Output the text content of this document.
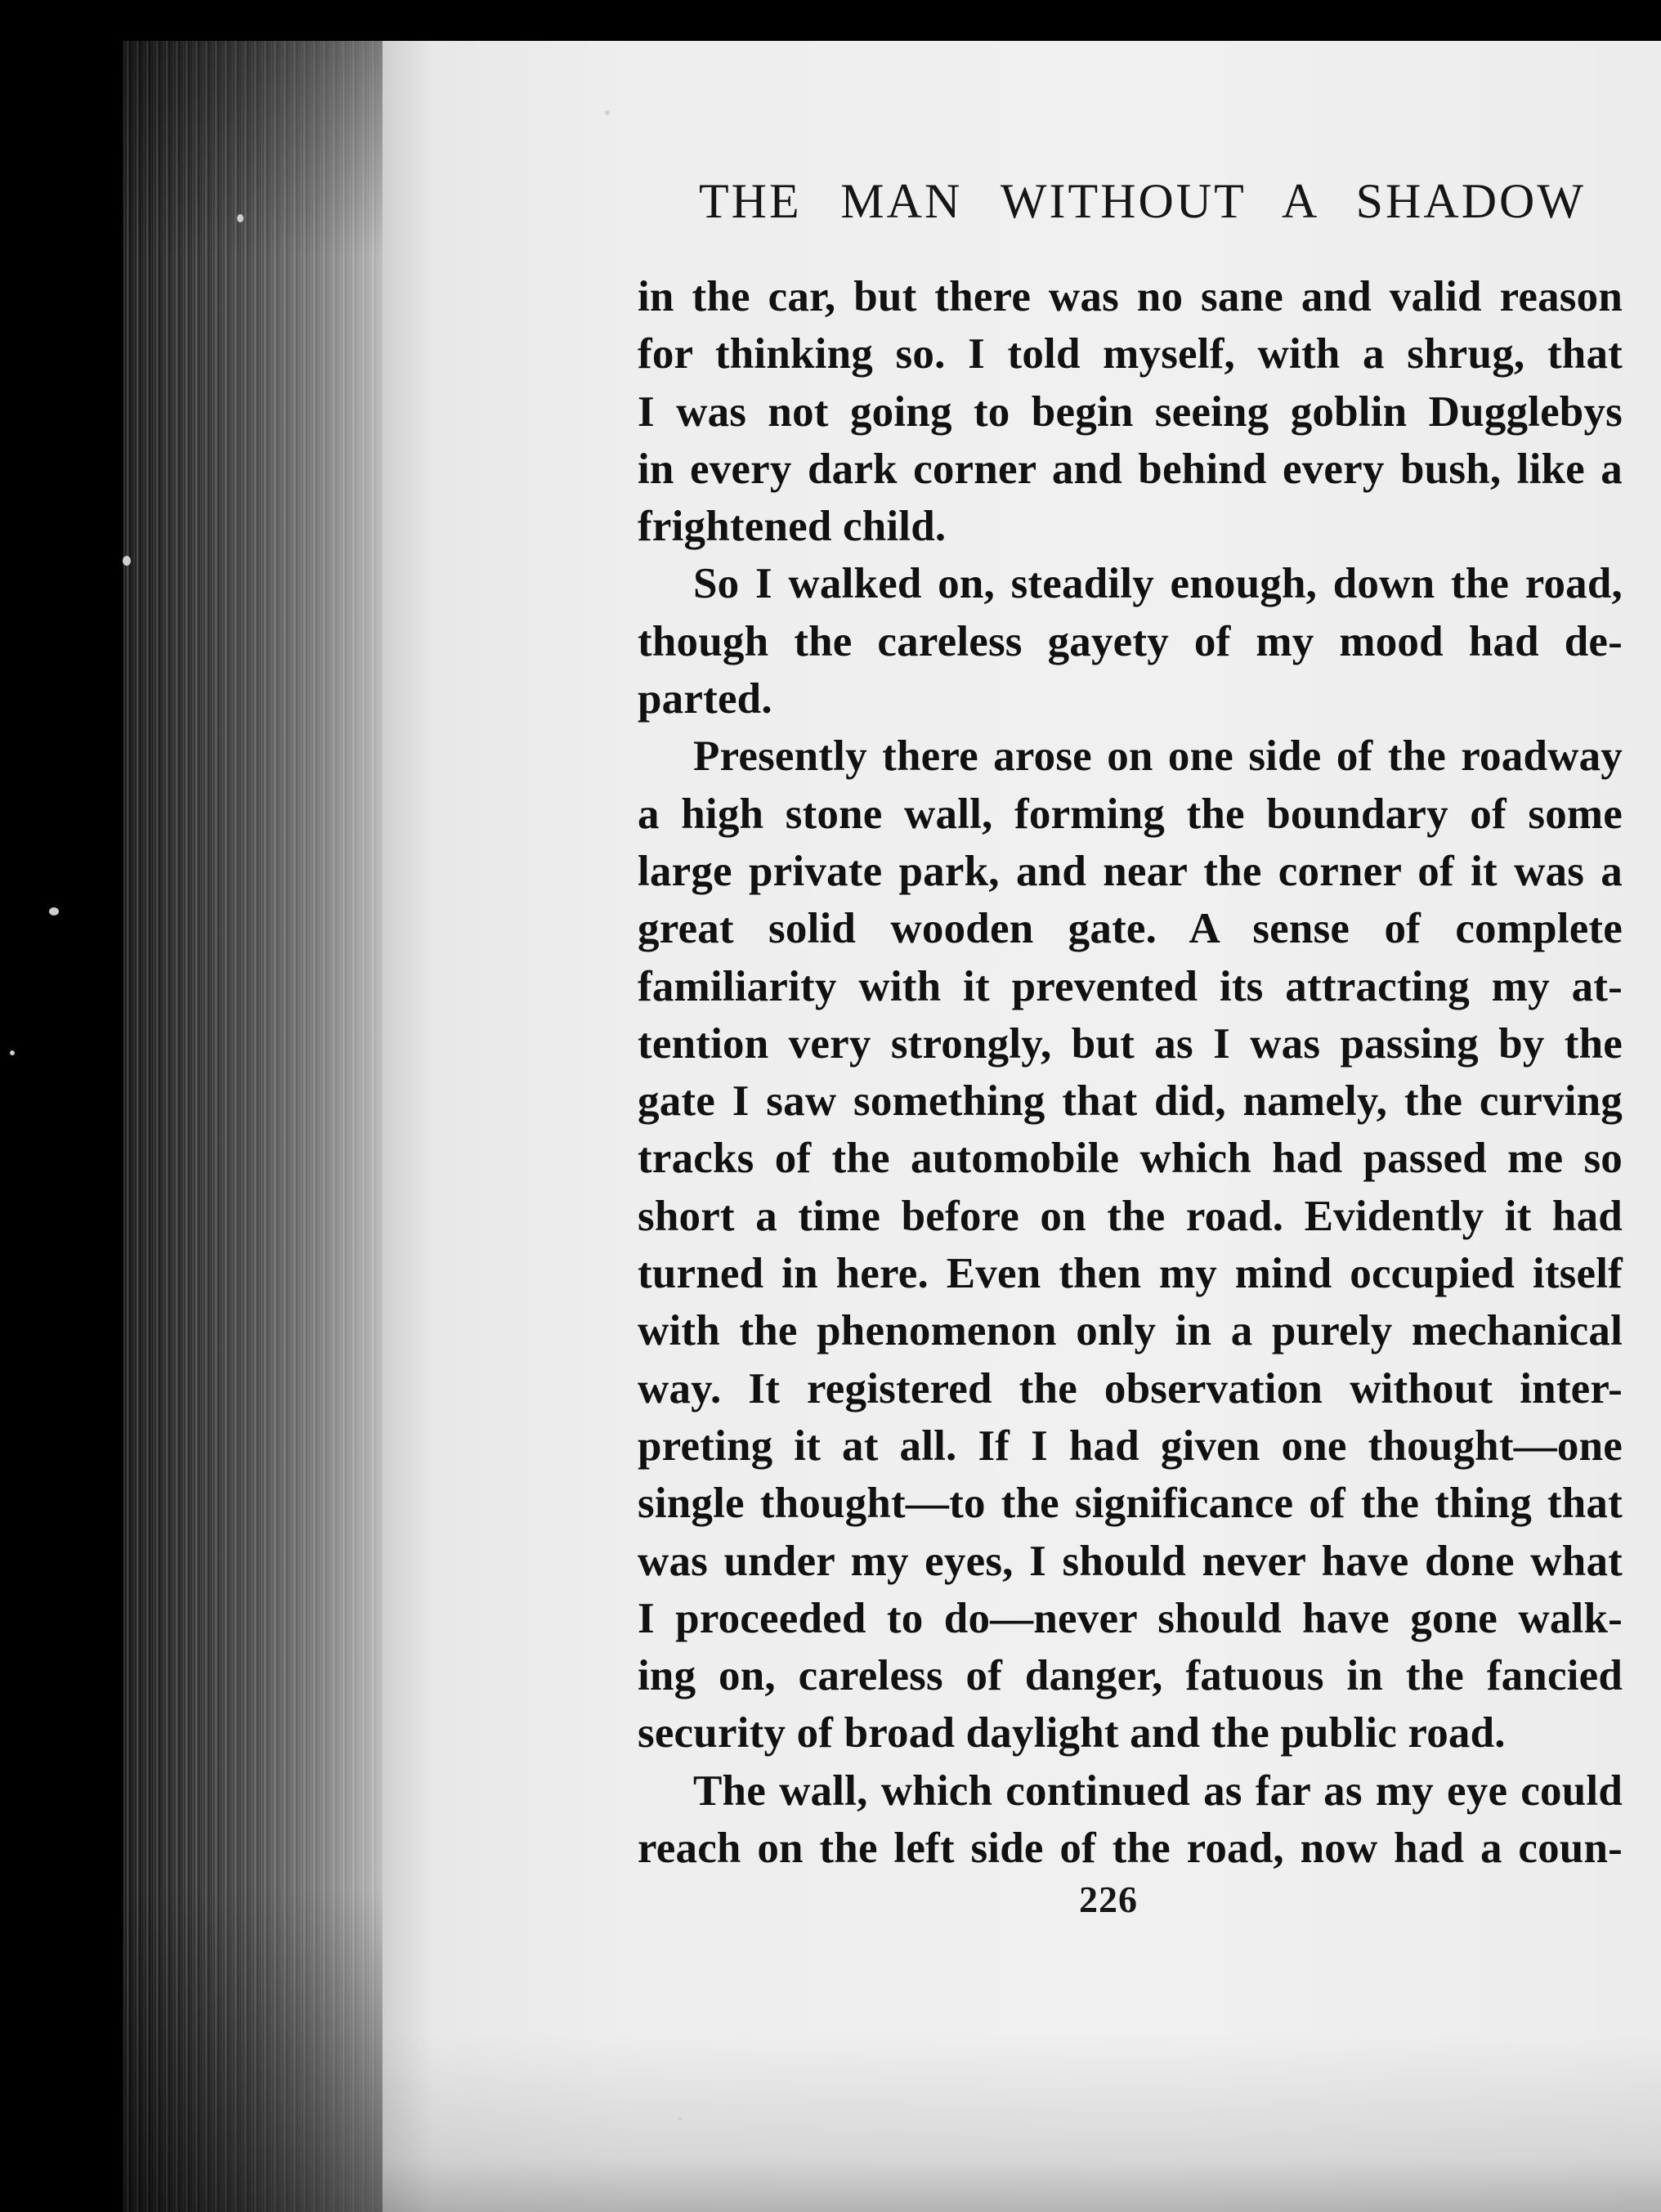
THE MAN WITHOUT A SHADOW
in the car, but there was no sane and valid reason
for thinking so. I told myself, with a shrug, that
I was not going to begin seeing goblin Dugglebys
in every dark corner and behind every bush, like a
frightened child.
So I walked on, steadily enough, down the road,
though the careless gayety of my mood had de-
parted.
Presently there arose on one side of the roadway
a high stone wall, forming the boundary of some
large private park, and near the corner of it was a
great solid wooden gate. A sense of complete
familiarity with it prevented its attracting my at-
tention very strongly, but as I was passing by the
gate I saw something that did, namely, the curving
tracks of the automobile which had passed me so
short a time before on the road. Evidently it had
turned in here. Even then my mind occupied itself
with the phenomenon only in a purely mechanical
way. It registered the observation without inter-
preting it at all. If I had given one thought—one
single thought—to the significance of the thing that
was under my eyes, I should never have done what
I proceeded to do—never should have gone walk-
ing on, careless of danger, fatuous in the fancied
security of broad daylight and the public road.
The wall, which continued as far as my eye could
reach on the left side of the road, now had a coun-
226
